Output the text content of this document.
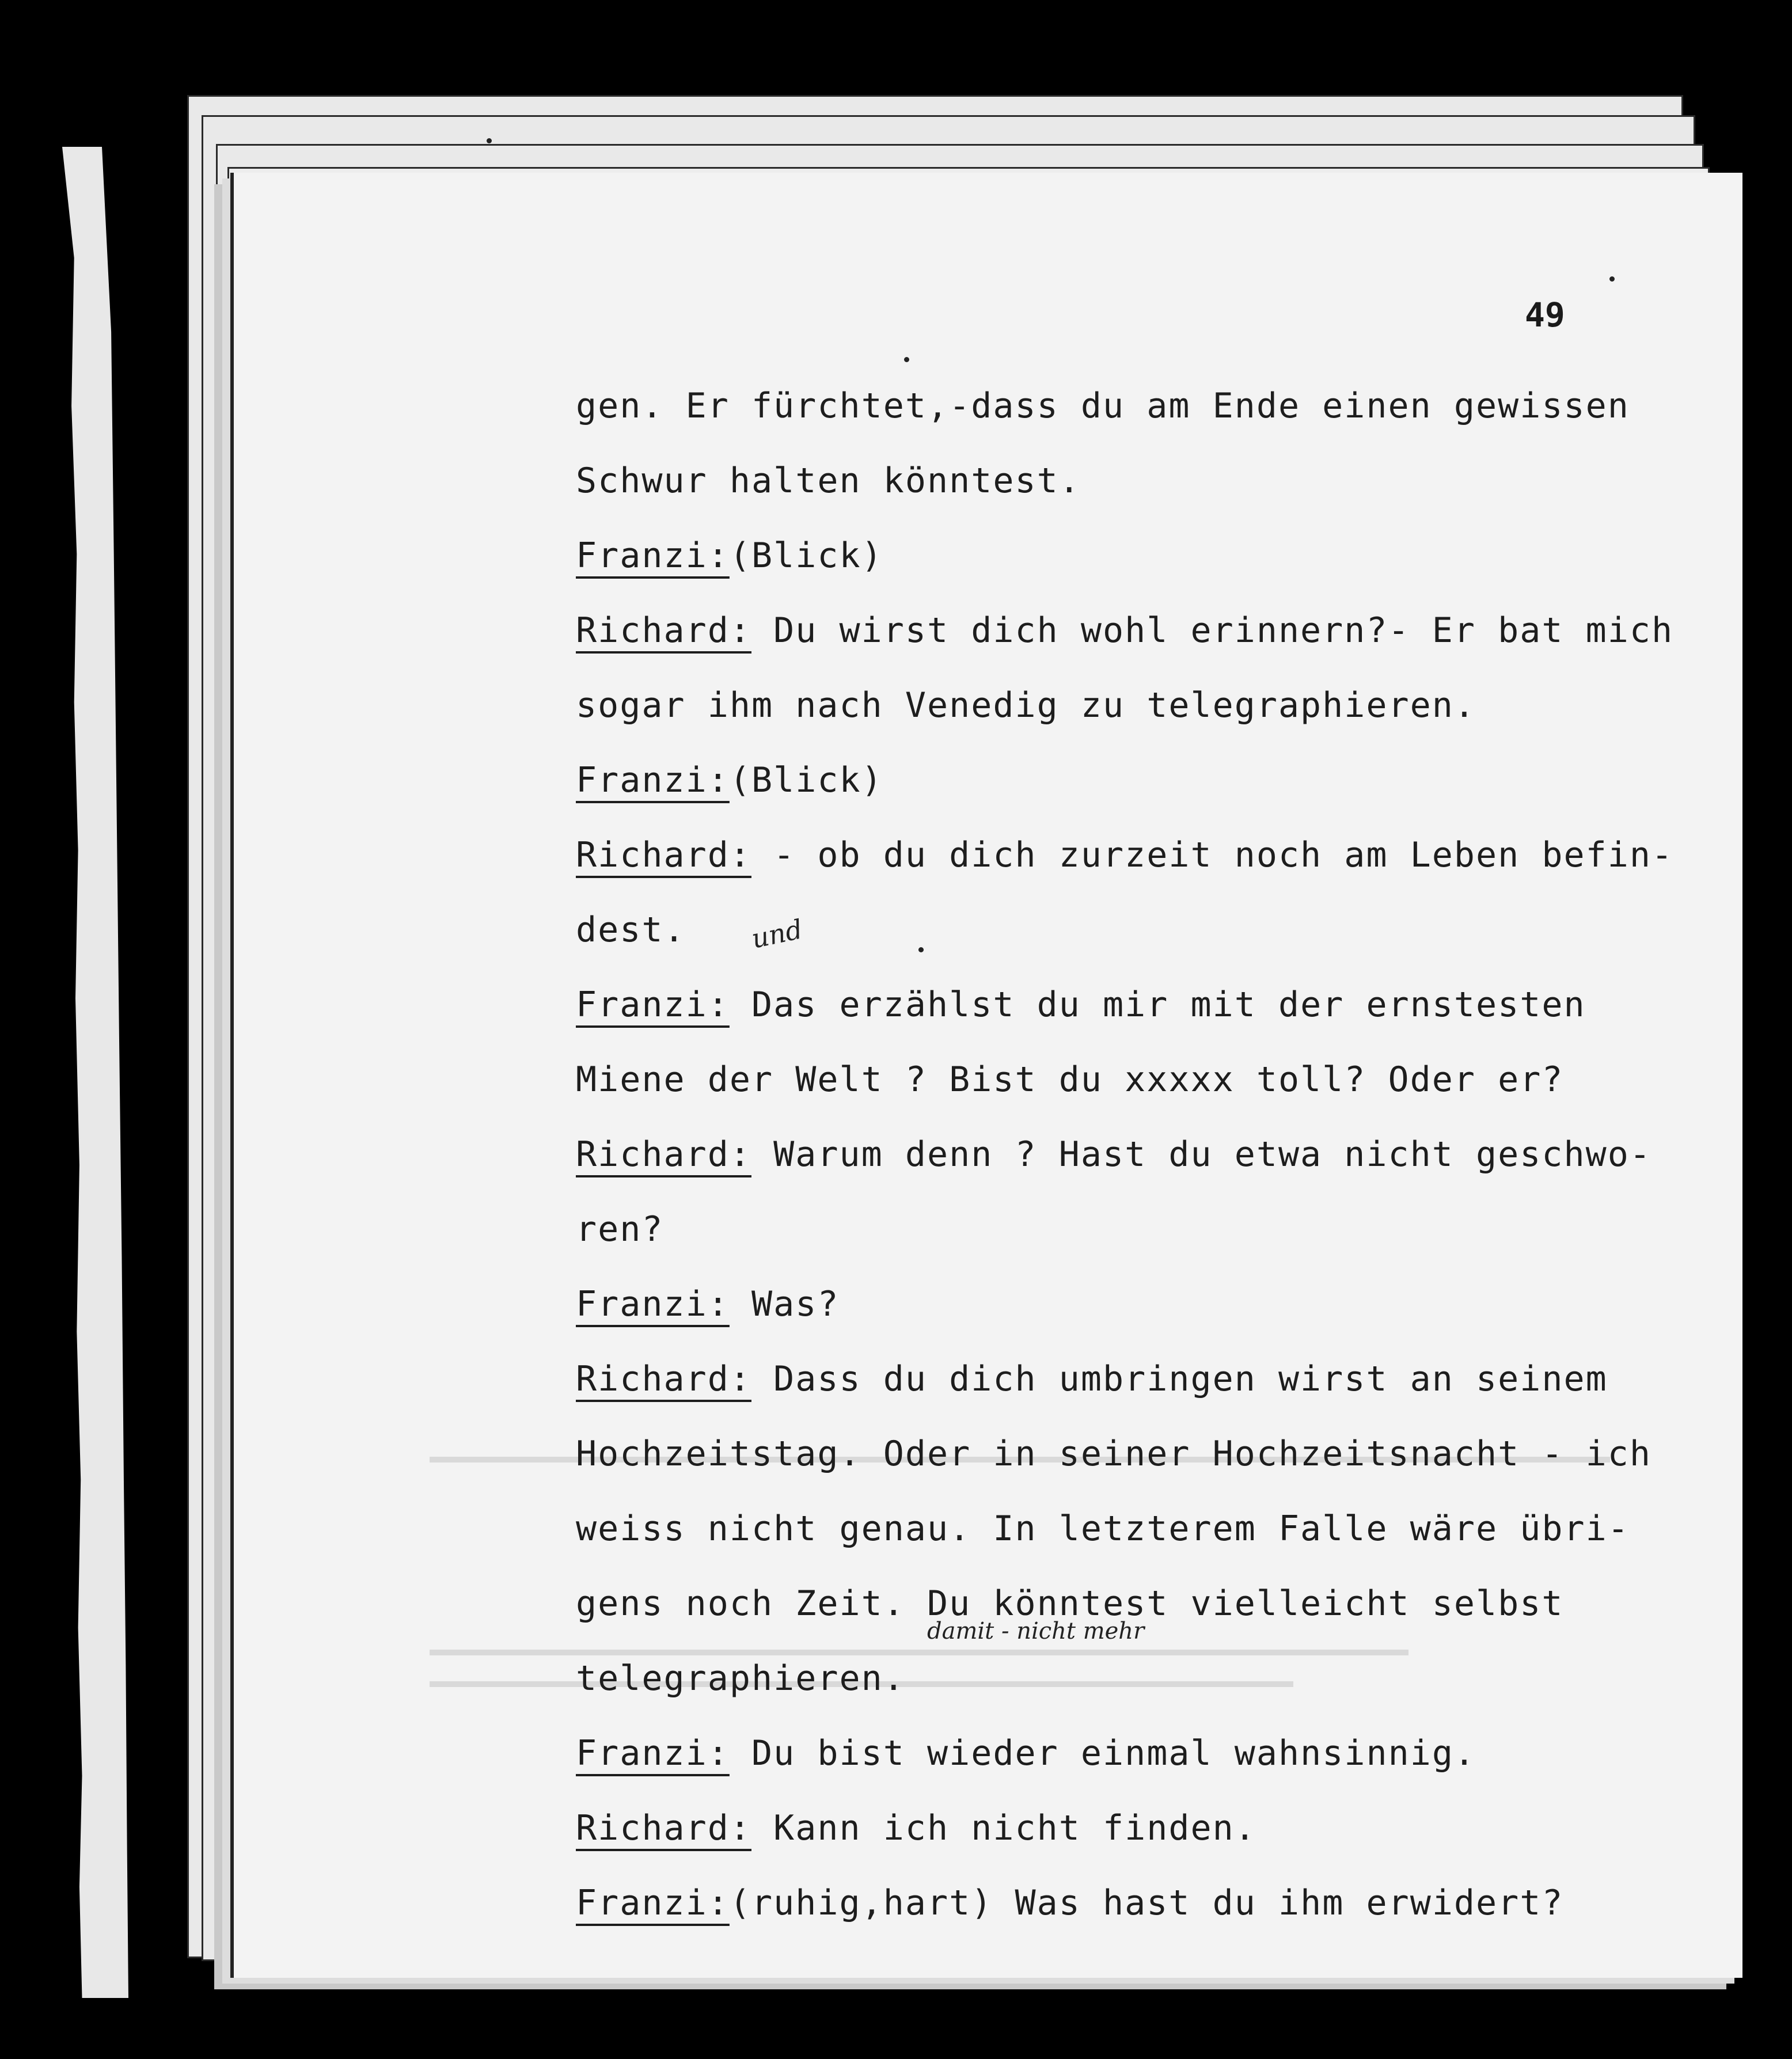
49
gen. Er fürchtet,-dass du am Ende einen gewissen
Schwur halten könntest.
Franzi:(Blick)
Richard: Du wirst dich wohl erinnern?- Er bat mich
sogar ihm nach Venedig zu telegraphieren.
Franzi:(Blick)
Richard: - ob du dich zurzeit noch am Leben befin-
dest.
Franzi: Das erzählst du mir mit der ernstesten
Miene der Welt ? Bist du xxxxx toll? Oder er?
Richard: Warum denn ? Hast du etwa nicht geschwo-
ren?
Franzi: Was?
Richard: Dass du dich umbringen wirst an seinem
Hochzeitstag. Oder in seiner Hochzeitsnacht - ich
weiss nicht genau. In letzterem Falle wäre übri-
gens noch Zeit. Du könntest vielleicht selbst
telegraphieren.
Franzi: Du bist wieder einmal wahnsinnig.
Richard: Kann ich nicht finden.
Franzi:(ruhig,hart) Was hast du ihm erwidert?
und
damit - nicht mehr
